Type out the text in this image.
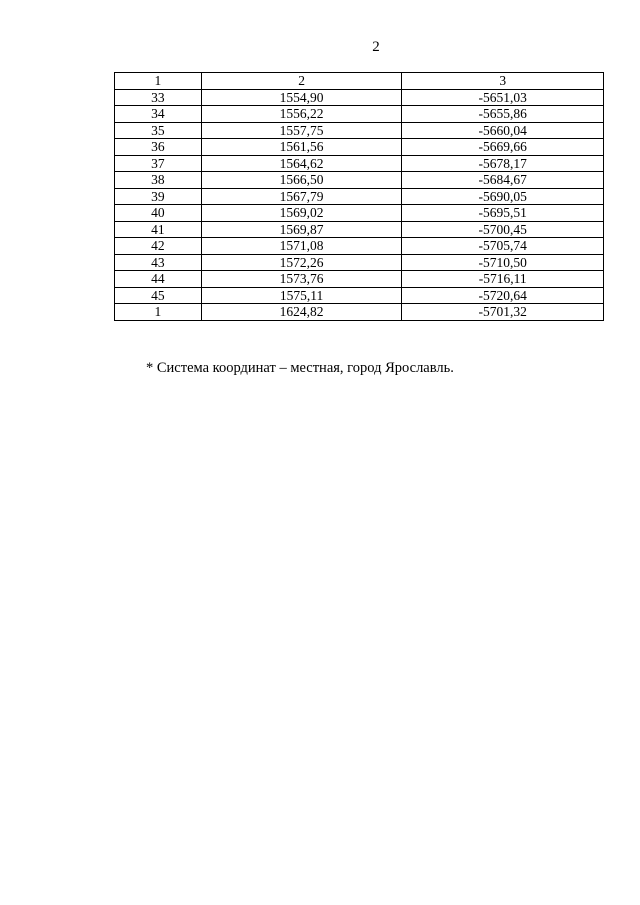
2
1	2	3
33	1554,90	-5651,03
34	1556,22	-5655,86
35	1557,75	-5660,04
36	1561,56	-5669,66
37	1564,62	-5678,17
38	1566,50	-5684,67
39	1567,79	-5690,05
40	1569,02	-5695,51
41	1569,87	-5700,45
42	1571,08	-5705,74
43	1572,26	-5710,50
44	1573,76	-5716,11
45	1575,11	-5720,64
1	1624,82	-5701,32
* Система координат – местная, город Ярославль.
